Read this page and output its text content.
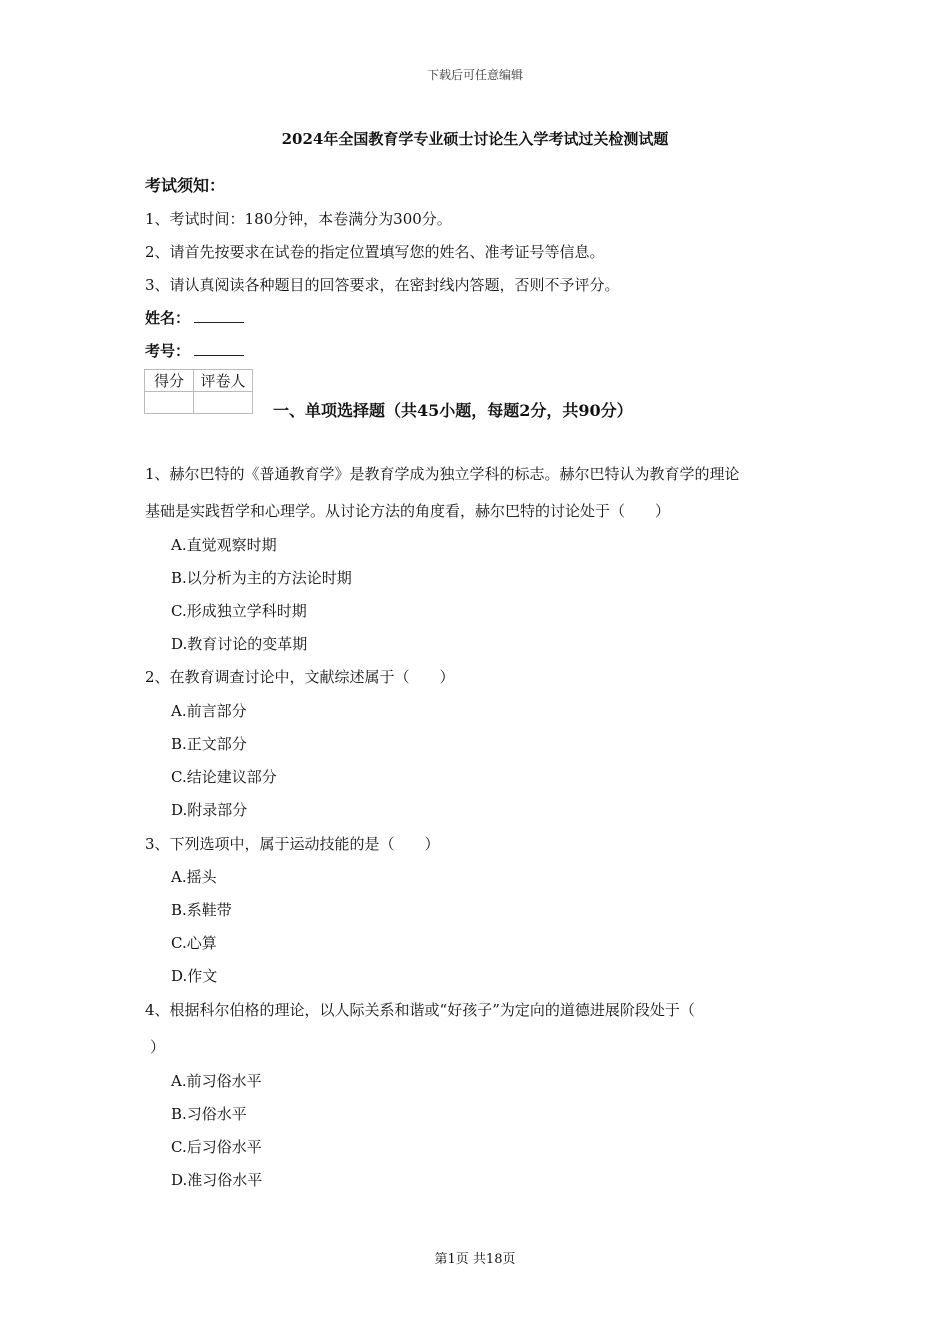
下载后可任意编辑
2024年全国教育学专业硕士讨论生入学考试过关检测试题
考试须知：
1、考试时间：180分钟，本卷满分为300分。
2、请首先按要求在试卷的指定位置填写您的姓名、准考证号等信息。
3、请认真阅读各种题目的回答要求，在密封线内答题，否则不予评分。
姓名：
考号：
得分	评卷人

一、单项选择题（共45小题，每题2分，共90分）
1、赫尔巴特的《普通教育学》是教育学成为独立学科的标志。赫尔巴特认为教育学的理论
基础是实践哲学和心理学。从讨论方法的角度看，赫尔巴特的讨论处于（　　）
A.直觉观察时期
B.以分析为主的方法论时期
C.形成独立学科时期
D.教育讨论的变革期
2、在教育调查讨论中，文献综述属于（　　）
A.前言部分
B.正文部分
C.结论建议部分
D.附录部分
3、下列选项中，属于运动技能的是（　　）
A.摇头
B.系鞋带
C.心算
D.作文
4、根据科尔伯格的理论，以人际关系和谐或“好孩子”为定向的道德进展阶段处于（
）
A.前习俗水平
B.习俗水平
C.后习俗水平
D.准习俗水平
第1页 共18页
